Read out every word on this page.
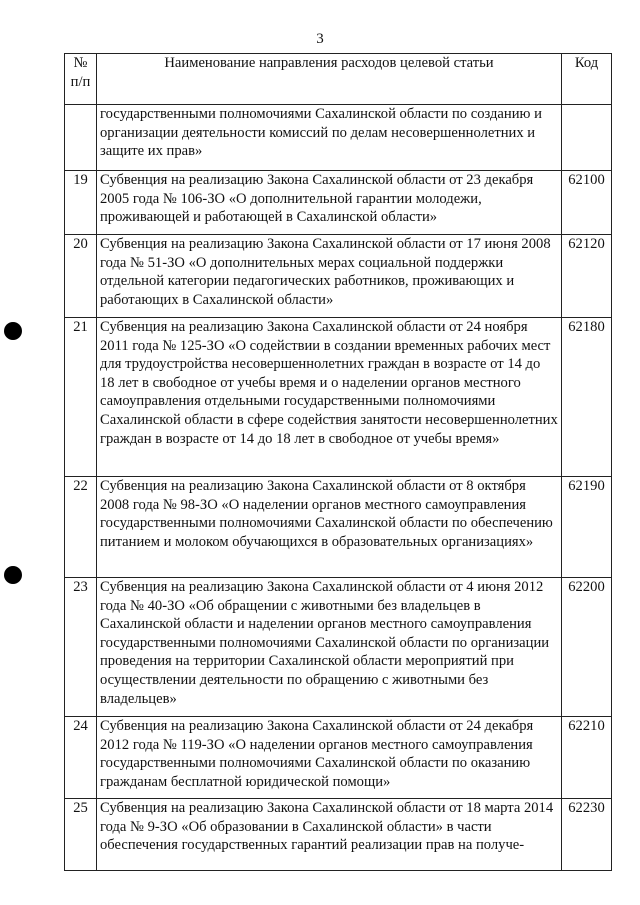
3
№ п/п	Наименование направления расходов целевой статьи	Код
	государственными полномочиями Сахалинской области по созданию и организации деятельности комиссий по делам несовершеннолетних и защите их прав»	
19	Субвенция на реализацию Закона Сахалинской области от 23 декабря 2005 года № 106-ЗО «О дополнительной гарантии молодежи, проживающей и работающей в Сахалинской области»	62100
20	Субвенция на реализацию Закона Сахалинской области от 17 июня 2008 года № 51-ЗО «О дополнительных мерах социальной поддержки отдельной категории педагогических работников, проживающих и работающих в Сахалинской области»	62120
21	Субвенция на реализацию Закона Сахалинской области от 24 ноября 2011 года № 125-ЗО «О содействии в создании временных рабочих мест для трудоустройства несовершеннолетних граждан в возрасте от 14 до 18 лет в свободное от учебы время и о наделении органов местного самоуправления отдельными государственными полномочиями Сахалинской области в сфере содействия занятости несовершеннолетних граждан в возрасте от 14 до 18 лет в свободное от учебы время»	62180
22	Субвенция на реализацию Закона Сахалинской области от 8 октября 2008 года № 98-ЗО «О наделении органов местного самоуправления государственными полномочиями Сахалинской области по обеспечению питанием и молоком обучающихся в образовательных организациях»	62190
23	Субвенция на реализацию Закона Сахалинской области от 4 июня 2012 года № 40-ЗО «Об обращении с животными без владельцев в Сахалинской области и наделении органов местного самоуправления государственными полномочиями Сахалинской области по организации проведения на территории Сахалинской области мероприятий при осуществлении деятельности по обращению с животными без владельцев»	62200
24	Субвенция на реализацию Закона Сахалинской области от 24 декабря 2012 года № 119-ЗО «О наделении органов местного самоуправления государственными полномочиями Сахалинской области по оказанию гражданам бесплатной юридической помощи»	62210
25	Субвенция на реализацию Закона Сахалинской области от 18 марта 2014 года № 9-ЗО «Об образовании в Сахалинской области» в части обеспечения государственных гарантий реализации прав на получе-	62230
